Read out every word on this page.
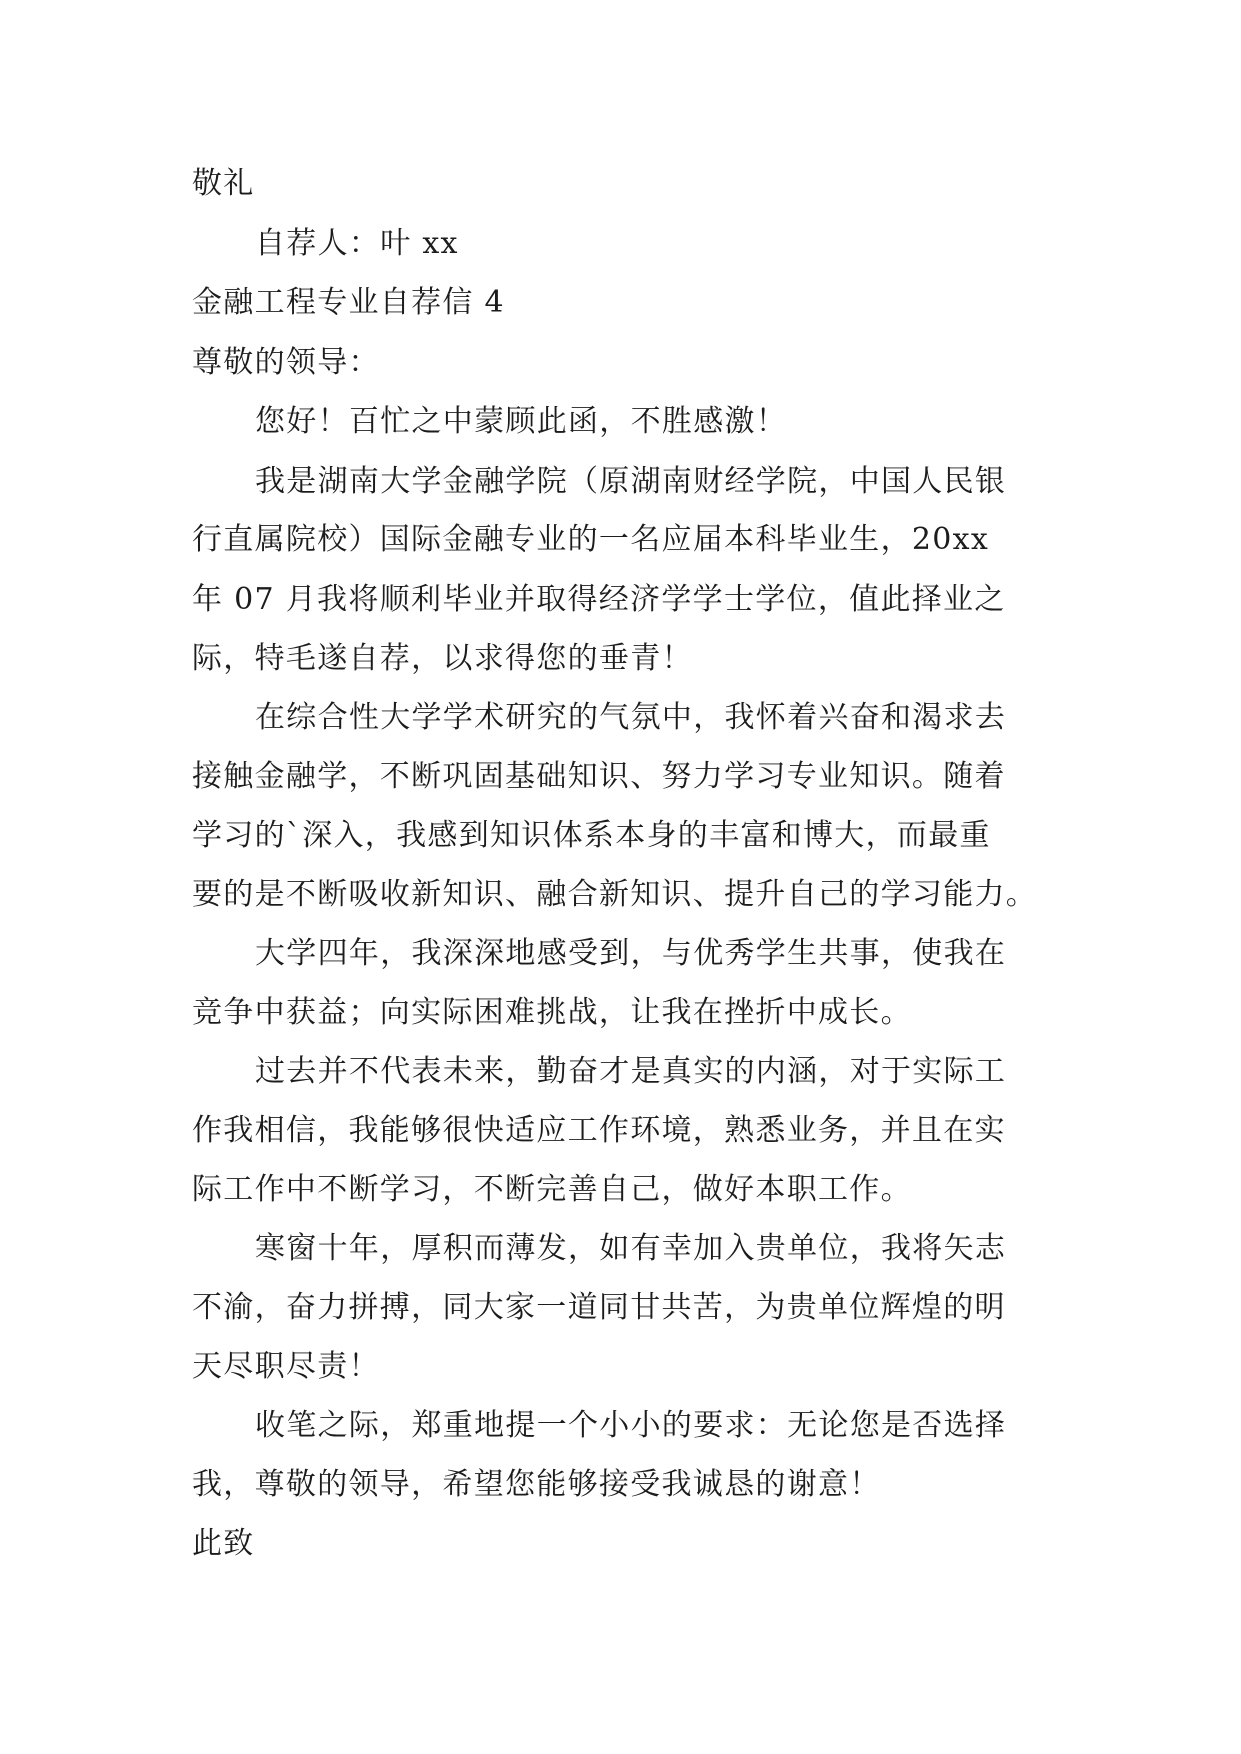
敬礼

自荐人：叶 xx

金融工程专业自荐信 4

尊敬的领导：

您好！百忙之中蒙顾此函，不胜感激！

我是湖南大学金融学院（原湖南财经学院，中国人民银

行直属院校）国际金融专业的一名应届本科毕业生，20xx

年 07 月我将顺利毕业并取得经济学学士学位，值此择业之

际，特毛遂自荐，以求得您的垂青！

在综合性大学学术研究的气氛中，我怀着兴奋和渴求去

接触金融学，不断巩固基础知识、努力学习专业知识。随着

学习的`深入，我感到知识体系本身的丰富和博大，而最重

要的是不断吸收新知识、融合新知识、提升自己的学习能力。

大学四年，我深深地感受到，与优秀学生共事，使我在

竞争中获益；向实际困难挑战，让我在挫折中成长。

过去并不代表未来，勤奋才是真实的内涵，对于实际工

作我相信，我能够很快适应工作环境，熟悉业务，并且在实

际工作中不断学习，不断完善自己，做好本职工作。

寒窗十年，厚积而薄发，如有幸加入贵单位，我将矢志

不渝，奋力拼搏，同大家一道同甘共苦，为贵单位辉煌的明

天尽职尽责！

收笔之际，郑重地提一个小小的要求：无论您是否选择

我，尊敬的领导，希望您能够接受我诚恳的谢意！

此致
